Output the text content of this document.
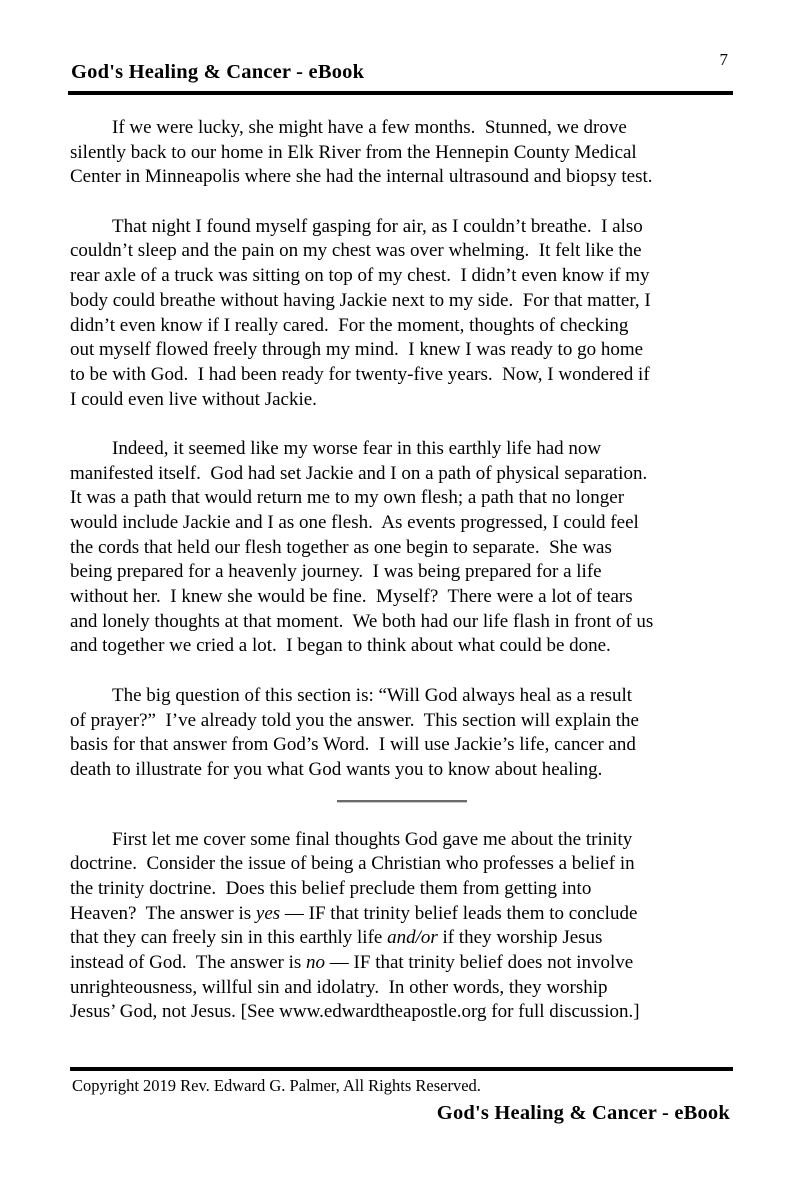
7
God's Healing & Cancer - eBook
If we were lucky, she might have a few months.  Stunned, we drove
silently back to our home in Elk River from the Hennepin County Medical
Center in Minneapolis where she had the internal ultrasound and biopsy test.
That night I found myself gasping for air, as I couldn’t breathe.  I also
couldn’t sleep and the pain on my chest was over whelming.  It felt like the
rear axle of a truck was sitting on top of my chest.  I didn’t even know if my
body could breathe without having Jackie next to my side.  For that matter, I
didn’t even know if I really cared.  For the moment, thoughts of checking
out myself flowed freely through my mind.  I knew I was ready to go home
to be with God.  I had been ready for twenty-five years.  Now, I wondered if
I could even live without Jackie.
Indeed, it seemed like my worse fear in this earthly life had now
manifested itself.  God had set Jackie and I on a path of physical separation.
It was a path that would return me to my own flesh; a path that no longer
would include Jackie and I as one flesh.  As events progressed, I could feel
the cords that held our flesh together as one begin to separate.  She was
being prepared for a heavenly journey.  I was being prepared for a life
without her.  I knew she would be fine.  Myself?  There were a lot of tears
and lonely thoughts at that moment.  We both had our life flash in front of us
and together we cried a lot.  I began to think about what could be done.
The big question of this section is: “Will God always heal as a result
of prayer?”  I’ve already told you the answer.  This section will explain the
basis for that answer from God’s Word.  I will use Jackie’s life, cancer and
death to illustrate for you what God wants you to know about healing.
First let me cover some final thoughts God gave me about the trinity
doctrine.  Consider the issue of being a Christian who professes a belief in
the trinity doctrine.  Does this belief preclude them from getting into
Heaven?  The answer is yes — IF that trinity belief leads them to conclude
that they can freely sin in this earthly life and/or if they worship Jesus
instead of God.  The answer is no — IF that trinity belief does not involve
unrighteousness, willful sin and idolatry.  In other words, they worship
Jesus’ God, not Jesus. [See www.edwardtheapostle.org for full discussion.]
Copyright 2019 Rev. Edward G. Palmer, All Rights Reserved.
God's Healing & Cancer - eBook
